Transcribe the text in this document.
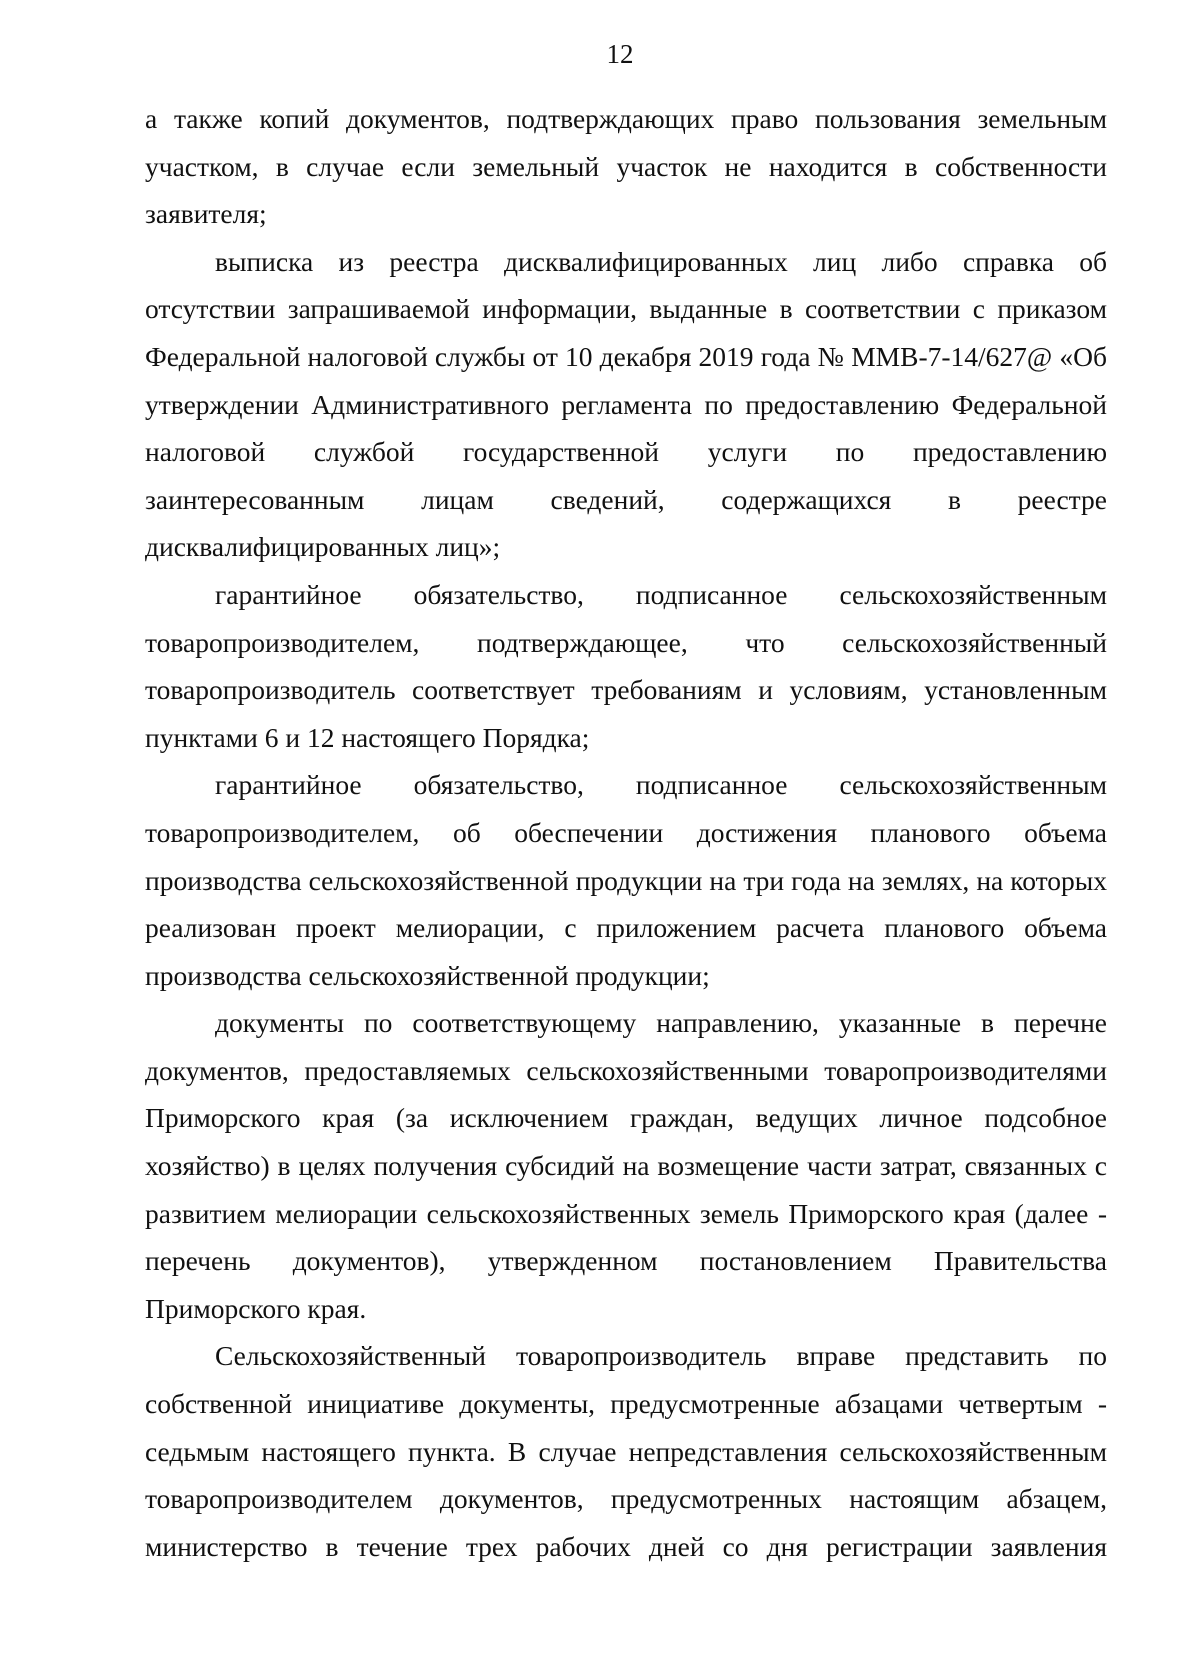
12

а также копий документов, подтверждающих право пользования земельным участком, в случае если земельный участок не находится в собственности заявителя;

выписка из реестра дисквалифицированных лиц либо справка об отсутствии запрашиваемой информации, выданные в соответствии с приказом Федеральной налоговой службы от 10 декабря 2019 года № ММВ-7-14/627@ «Об утверждении Административного регламента по предоставлению Федеральной налоговой службой государственной услуги по предоставлению заинтересованным лицам сведений, содержащихся в реестре дисквалифицированных лиц»;

гарантийное обязательство, подписанное сельскохозяйственным товаропроизводителем, подтверждающее, что сельскохозяйственный товаропроизводитель соответствует требованиям и условиям, установленным пунктами 6 и 12 настоящего Порядка;

гарантийное обязательство, подписанное сельскохозяйственным товаропроизводителем, об обеспечении достижения планового объема производства сельскохозяйственной продукции на три года на землях, на которых реализован проект мелиорации, с приложением расчета планового объема производства сельскохозяйственной продукции;

документы по соответствующему направлению, указанные в перечне документов, предоставляемых сельскохозяйственными товаропроизводителями Приморского края (за исключением граждан, ведущих личное подсобное хозяйство) в целях получения субсидий на возмещение части затрат, связанных с развитием мелиорации сельскохозяйственных земель Приморского края (далее - перечень документов), утвержденном постановлением Правительства Приморского края.

Сельскохозяйственный товаропроизводитель вправе представить по собственной инициативе документы, предусмотренные абзацами четвертым - седьмым настоящего пункта. В случае непредставления сельскохозяйственным товаропроизводителем документов, предусмотренных настоящим абзацем, министерство в течение трех рабочих дней со дня регистрации заявления
